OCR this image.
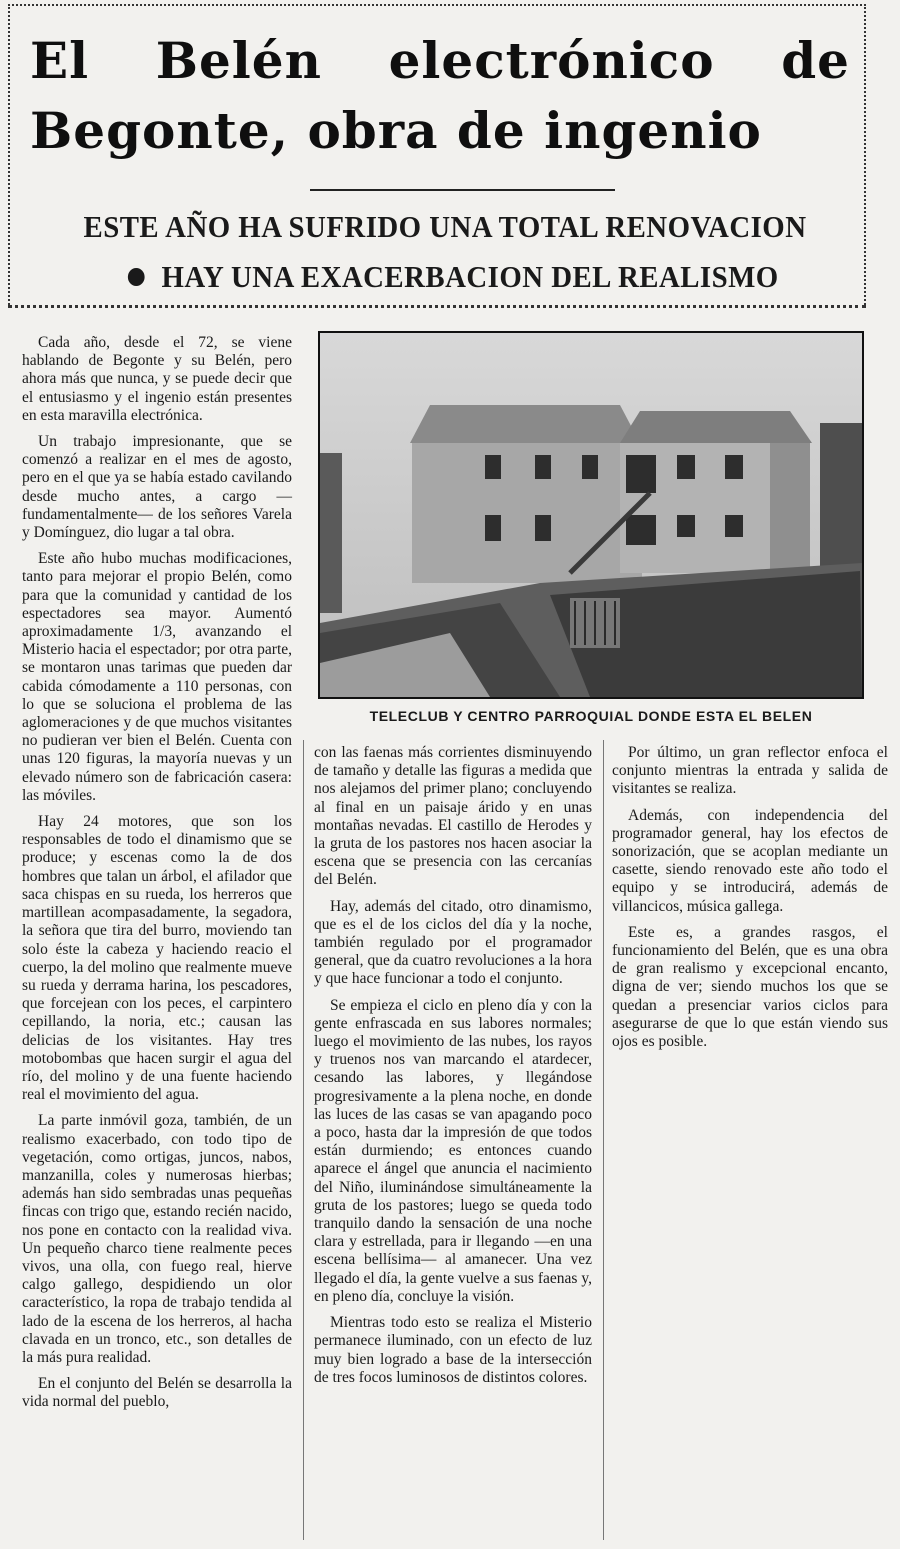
El Belén electrónico de Begonte, obra de ingenio
ESTE AÑO HA SUFRIDO UNA TOTAL RENOVACIONHAY UNA EXACERBACION DEL REALISMO

Cada año, desde el 72, se viene hablando de Begonte y su Belén, pero ahora más que nunca, y se puede decir que el entusiasmo y el ingenio están presentes en esta maravilla electrónica.

Un trabajo impresionante, que se comenzó a realizar en el mes de agosto, pero en el que ya se había estado cavilando desde mucho antes, a cargo —fundamentalmente— de los señores Varela y Domínguez, dio lugar a tal obra.

Este año hubo muchas modificaciones, tanto para mejorar el propio Belén, como para que la comunidad y cantidad de los espectadores sea mayor. Aumentó aproximadamente 1/3, avanzando el Misterio hacia el espectador; por otra parte, se montaron unas tarimas que pueden dar cabida cómodamente a 110 personas, con lo que se soluciona el problema de las aglomeraciones y de que muchos visitantes no pudieran ver bien el Belén. Cuenta con unas 120 figuras, la mayoría nuevas y un elevado número son de fabricación casera: las móviles.

Hay 24 motores, que son los responsables de todo el dinamismo que se produce; y escenas como la de dos hombres que talan un árbol, el afilador que saca chispas en su rueda, los herreros que martillean acompasadamente, la segadora, la señora que tira del burro, moviendo tan solo éste la cabeza y haciendo reacio el cuerpo, la del molino que realmente mueve su rueda y derrama harina, los pescadores, que forcejean con los peces, el carpintero cepillando, la noria, etc.; causan las delicias de los visitantes. Hay tres motobombas que hacen surgir el agua del río, del molino y de una fuente haciendo real el movimiento del agua.

La parte inmóvil goza, también, de un realismo exacerbado, con todo tipo de vegetación, como ortigas, juncos, nabos, manzanilla, coles y numerosas hierbas; además han sido sembradas unas pequeñas fincas con trigo que, estando recién nacido, nos pone en contacto con la realidad viva. Un pequeño charco tiene realmente peces vivos, una olla, con fuego real, hierve calgo gallego, despidiendo un olor característico, la ropa de trabajo tendida al lado de la escena de los herreros, al hacha clavada en un tronco, etc., son detalles de la más pura realidad.

En el conjunto del Belén se desarrolla la vida normal del pueblo,

TELECLUB Y CENTRO PARROQUIAL DONDE ESTA EL BELEN

con las faenas más corrientes disminuyendo de tamaño y detalle las figuras a medida que nos alejamos del primer plano; concluyendo al final en un paisaje árido y en unas montañas nevadas. El castillo de Herodes y la gruta de los pastores nos hacen asociar la escena que se presencia con las cercanías del Belén.

Hay, además del citado, otro dinamismo, que es el de los ciclos del día y la noche, también regulado por el programador general, que da cuatro revoluciones a la hora y que hace funcionar a todo el conjunto.

Se empieza el ciclo en pleno día y con la gente enfrascada en sus labores normales; luego el movimiento de las nubes, los rayos y truenos nos van marcando el atardecer, cesando las labores, y llegándose progresivamente a la plena noche, en donde las luces de las casas se van apagando poco a poco, hasta dar la impresión de que todos están durmiendo; es entonces cuando aparece el ángel que anuncia el nacimiento del Niño, iluminándose simultáneamente la gruta de los pastores; luego se queda todo tranquilo dando la sensación de una noche clara y estrellada, para ir llegando —en una escena bellísima— al amanecer. Una vez llegado el día, la gente vuelve a sus faenas y, en pleno día, concluye la visión.

Mientras todo esto se realiza el Misterio permanece iluminado, con un efecto de luz muy bien logrado a base de la intersección de tres focos luminosos de distintos colores.

Por último, un gran reflector enfoca el conjunto mientras la entrada y salida de visitantes se realiza.

Además, con independencia del programador general, hay los efectos de sonorización, que se acoplan mediante un casette, siendo renovado este año todo el equipo y se introducirá, además de villancicos, música gallega.

Este es, a grandes rasgos, el funcionamiento del Belén, que es una obra de gran realismo y excepcional encanto, digna de ver; siendo muchos los que se quedan a presenciar varios ciclos para asegurarse de que lo que están viendo sus ojos es posible.
